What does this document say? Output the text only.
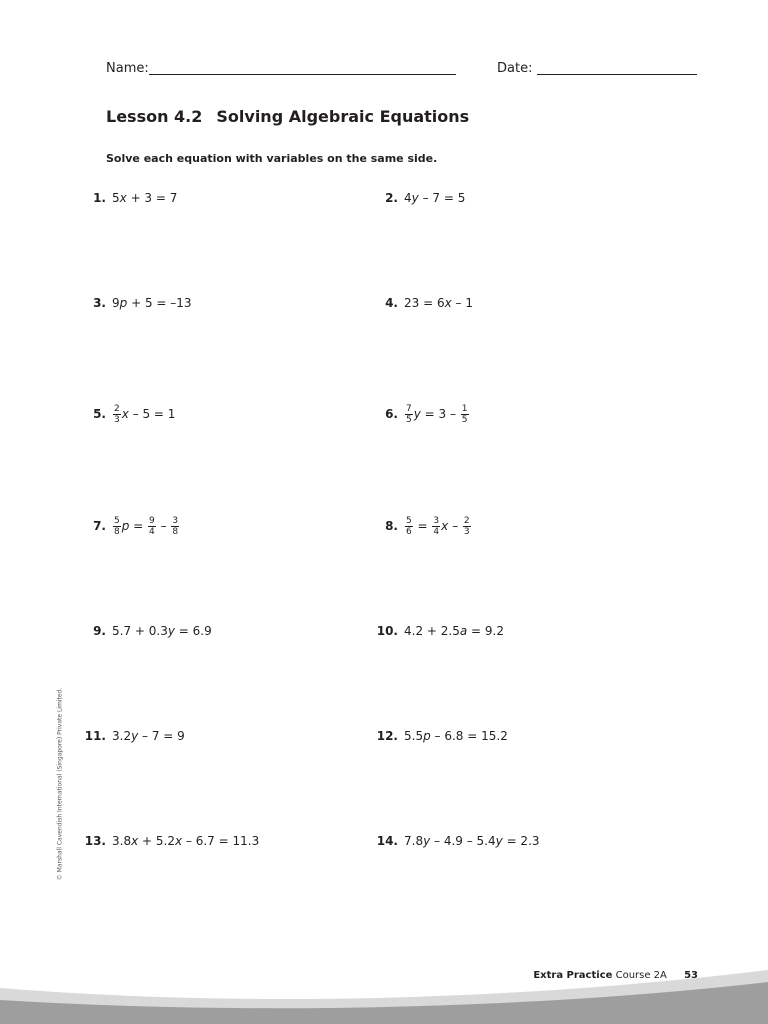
Name:	Date:
Lesson 4.2 Solving Algebraic Equations
Solve each equation with variables on the same side.
1. 5 x + 3 = 7	2. 4 y – 7 = 5
3. 9 p + 5 = –13	4. 23 = 6 x – 1
5. $\frac{2}{3}$ x – 5 = 1	6. $\frac{7}{5}$ $y = 3 - \frac{1}{5}$
7. $\frac{5}{8}$ $p = \frac{9}{4} - \frac{3}{8}$	8. $\frac{5}{6} = \frac{3}{4}$ x – $\frac{2}{3}$
9. 5.7 + 0.3 y = 6.9	10. 4.2 + 2.5 a = 9.2
11. 3.2 y – 7 = 9	12. 5.5 p – 6.8 = 15.2
13. 3.8 x + 5.2 x – 6.7 = 11.3	14. 7.8 y – 4.9 – 5.4 y = 2.3
© Marshall Cavendish International (Singapore) Private Limited.
Extra Practice Course 2A 53
